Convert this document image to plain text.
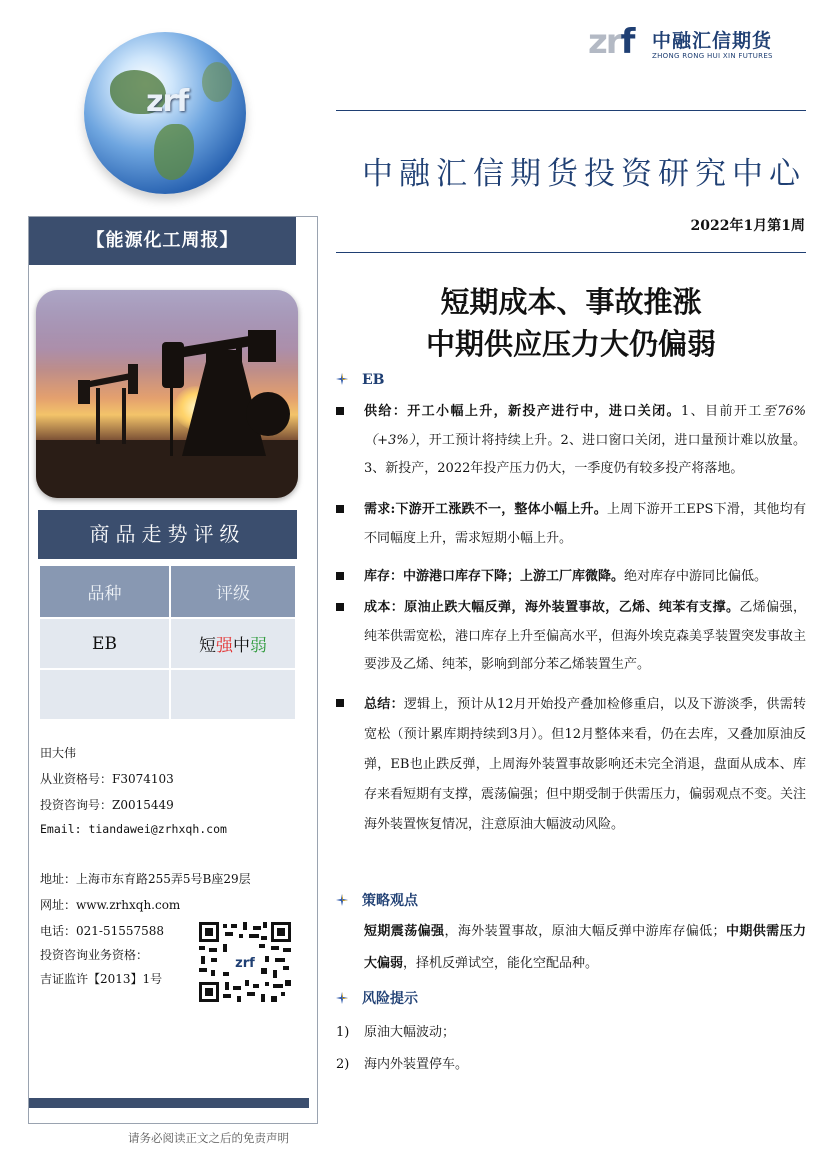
zrf
zrf 中融汇信期货
ZHONG RONG HUI XIN FUTURES
中融汇信期货投资研究中心
2022年1月第1周
【能源化工周报】
商品走势评级
品种	评级
EB	短强中弱

田大伟
从业资格号：F3074103
投资咨询号：Z0015449
Email: tiandawei@zrhxqh.com
地址：上海市东育路255弄5号B座29层
网址：www.zrhxqh.com
电话：021-51557588
投资咨询业务资格：
吉证监许【2013】1号
zrf
请务必阅读正文之后的免责声明
短期成本、事故推涨
中期供应压力大仍偏弱
EB
供给：开工小幅上升，新投产进行中，进口关闭。1、目前开工至76%（+3%），开工预计将持续上升。2、进口窗口关闭，进口量预计难以放量。3、新投产，2022年投产压力仍大，一季度仍有较多投产将落地。
需求:下游开工涨跌不一，整体小幅上升。上周下游开工EPS下滑，其他均有不同幅度上升，需求短期小幅上升。
库存：中游港口库存下降；上游工厂库微降。绝对库存中游同比偏低。
成本：原油止跌大幅反弹，海外装置事故，乙烯、纯苯有支撑。乙烯偏强，纯苯供需宽松，港口库存上升至偏高水平，但海外埃克森美孚装置突发事故主要涉及乙烯、纯苯，影响到部分苯乙烯装置生产。
总结：逻辑上，预计从12月开始投产叠加检修重启，以及下游淡季，供需转宽松（预计累库期持续到3月）。但12月整体来看，仍在去库，又叠加原油反弹，EB也止跌反弹，上周海外装置事故影响还未完全消退，盘面从成本、库存来看短期有支撑，震荡偏强；但中期受制于供需压力，偏弱观点不变。关注海外装置恢复情况，注意原油大幅波动风险。
策略观点
短期震荡偏强，海外装置事故，原油大幅反弹中游库存偏低；中期供需压力大偏弱，择机反弹试空，能化空配品种。
风险提示
1) 原油大幅波动；
2) 海内外装置停车。
